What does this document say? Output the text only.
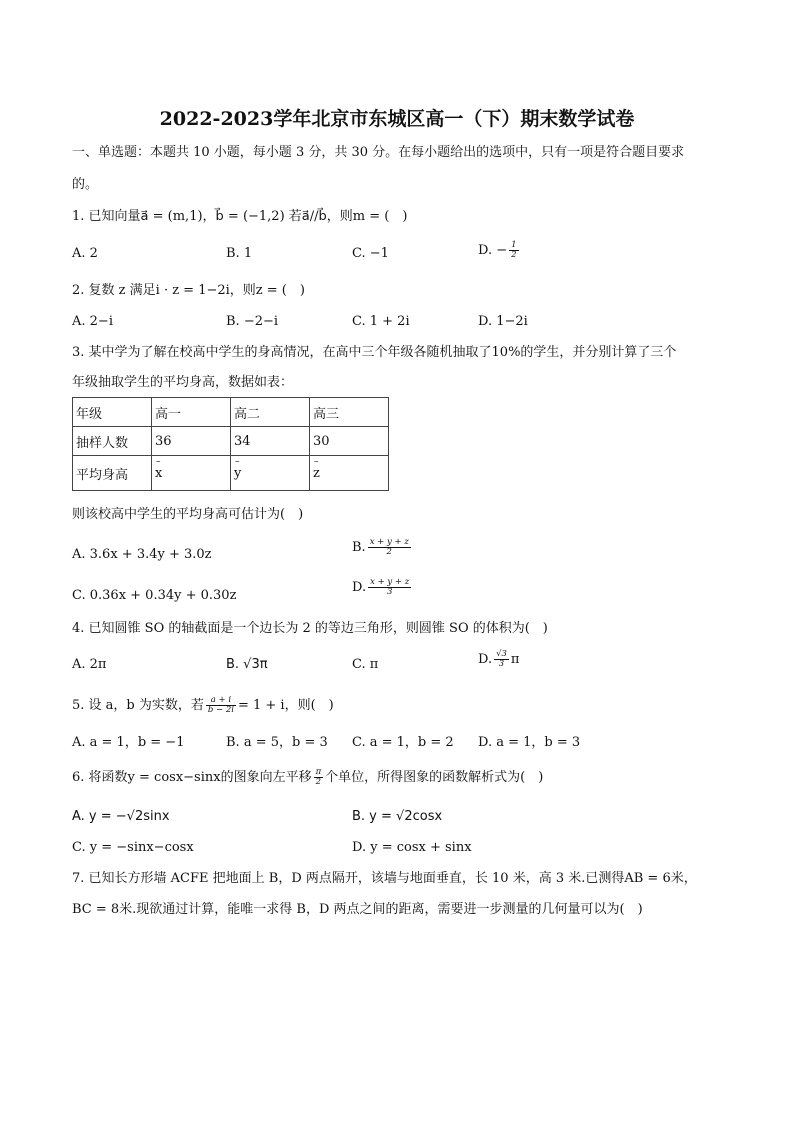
2022-2023学年北京市东城区高一（下）期末数学试卷
一、单选题：本题共 10 小题，每小题 3 分，共 30 分。在每小题给出的选项中，只有一项是符合题目要求
的。
1. 已知向量a⃗ = (m,1)，b⃗ = (−1,2) 若a⃗//b⃗，则m = (　)
A. 2	B. 1	C. −1	D. − $\frac{1}{2}$
2. 复数 z 满足i · z = 1−2i，则z = (　)
A. 2−i	B. −2−i	C. 1 + 2i	D. 1−2i
3. 某中学为了解在校高中学生的身高情况，在高中三个年级各随机抽取了10%的学生，并分别计算了三个
年级抽取学生的平均身高，数据如表：
年级	高一	高二	高三
抽样人数	36	34	30
平均身高	– x	– y	– z
则该校高中学生的平均身高可估计为(　)
A. 3.6x + 3.4y + 3.0z	B. $\frac{x + y + z}{2}$
C. 0.36x + 0.34y + 0.30z
D. $\frac{x + y + z}{3}$
4. 已知圆锥 SO 的轴截面是一个边长为 2 的等边三角形，则圆锥 SO 的体积为(　)
A. 2π	B. √3π	C. π	D. $\frac{√3}{3}$ π
5. 设 a，b 为实数，若 $\frac{a + i}{b - 2i} = 1 + i$，则(　)
A. a = 1，b = −1	B. a = 5，b = 3 C. a = 1，b = 2 D. a = 1，b = 3
6. 将函数y = cosx−sinx的图象向左平移 $\frac{\pi}{2}$ 个单位，所得图象的函数解析式为(　)
A. y = −√2sinx	B. y = √2cosx
C. y = −sinx−cosx	D. y = cosx + sinx
7. 已知长方形墙 ACFE 把地面上 B，D 两点隔开，该墙与地面垂直，长 10 米，高 3 米.已测得AB = 6米，
BC = 8米.现欲通过计算，能唯一求得 B，D 两点之间的距离，需要进一步测量的几何量可以为(　)
